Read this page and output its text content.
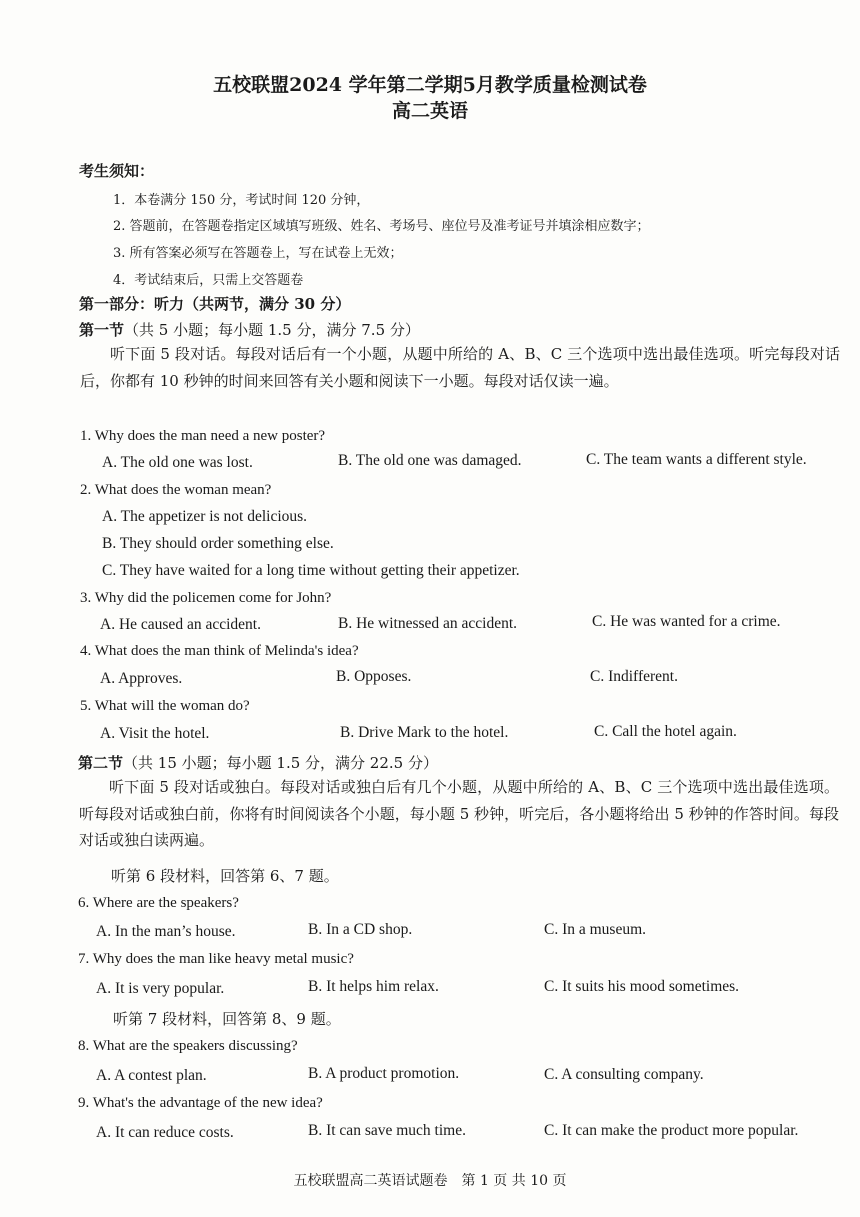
五校联盟2024 学年第二学期5月教学质量检测试卷
高二英语
考生须知：
1．本卷满分 150 分，考试时间 120 分钟，
2. 答题前，在答题卷指定区域填写班级、姓名、考场号、座位号及准考证号并填涂相应数字；
3. 所有答案必须写在答题卷上，写在试卷上无效；
4．考试结束后，只需上交答题卷
第一部分：听力（共两节，满分 30 分）
第一节（共 5 小题；每小题 1.5 分，满分 7.5 分）
听下面 5 段对话。每段对话后有一个小题，从题中所给的 A、B、C 三个选项中选出最佳选项。听完每段对话后，你都有 10 秒钟的时间来回答有关小题和阅读下一小题。每段对话仅读一遍。
1. Why does the man need a new poster?
A. The old one was lost.	B. The old one was damaged.	C. The team wants a different style.
2. What does the woman mean?
A. The appetizer is not delicious.
B. They should order something else.
C. They have waited for a long time without getting their appetizer.
3. Why did the policemen come for John?
A. He caused an accident.	B. He witnessed an accident.	C. He was wanted for a crime.
4. What does the man think of Melinda's idea?
A. Approves.	B. Opposes.	C. Indifferent.
5. What will the woman do?
A. Visit the hotel.	B. Drive Mark to the hotel.	C. Call the hotel again.
第二节（共 15 小题；每小题 1.5 分，满分 22.5 分）
听下面 5 段对话或独白。每段对话或独白后有几个小题，从题中所给的 A、B、C 三个选项中选出最佳选项。听每段对话或独白前，你将有时间阅读各个小题，每小题 5 秒钟，听完后，各小题将给出 5 秒钟的作答时间。每段对话或独白读两遍。
听第 6 段材料，回答第 6、7 题。
6. Where are the speakers?
A. In the man’s house.	B. In a CD shop.	C. In a museum.
7. Why does the man like heavy metal music?
A. It is very popular.	B. It helps him relax.	C. It suits his mood sometimes.
听第 7 段材料，回答第 8、9 题。
8. What are the speakers discussing?
A. A contest plan.	B. A product promotion.	C. A consulting company.
9. What's the advantage of the new idea?
A. It can reduce costs.	B. It can save much time.	C. It can make the product more popular.
五校联盟高二英语试题卷　第 1 页 共 10 页
